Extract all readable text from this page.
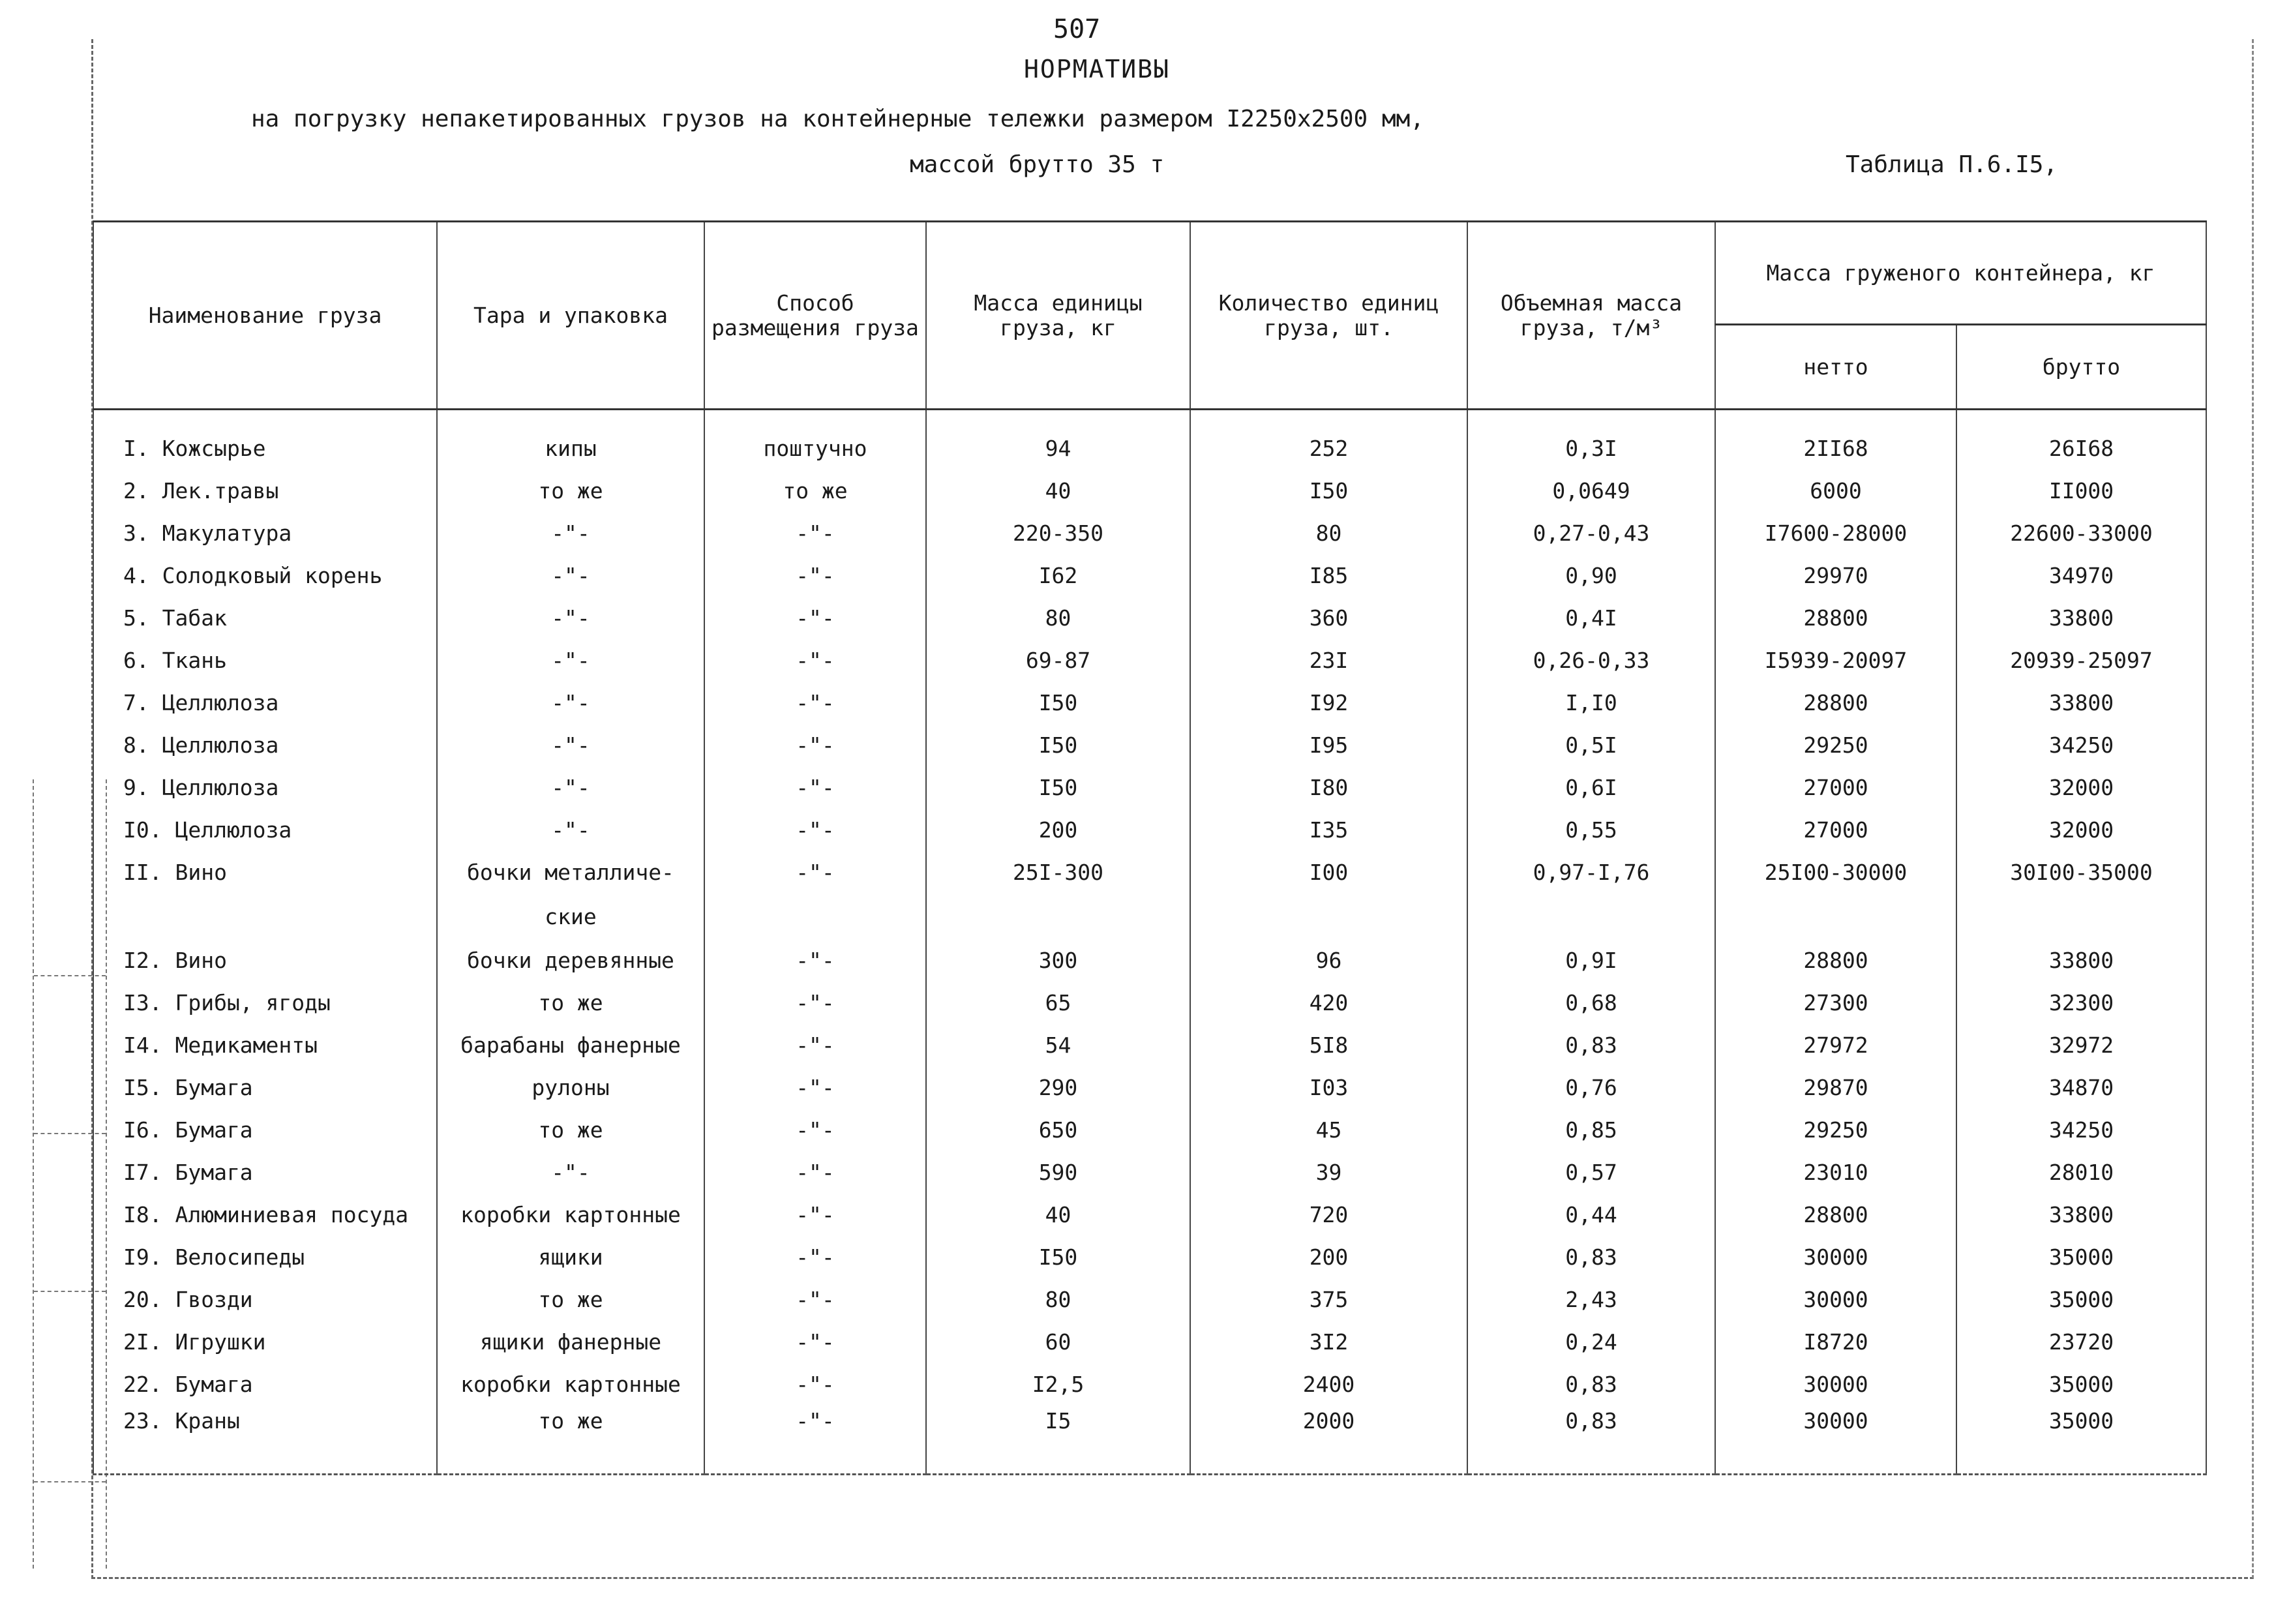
507
НОРМАТИВЫ
на погрузку непакетированных грузов на контейнерные тележки размером I2250х2500 мм,
массой брутто 35 т	Таблица П.6.I5,
Наименование груза	Тара и упаковка	Способ размещения груза	Масса единицы груза, кг	Количество единиц груза, шт.	Объемная масса груза, т/м³	Масса груженого контейнера, кг	
						нетто	брутто

I. Кожсырье	кипы	поштучно	94	252	0,3I	2II68	26I68
2. Лек.травы	то же	то же	40	I50	0,0649	6000	II000
3. Макулатура	-"-	-"-	220-350	80	0,27-0,43	I7600-28000	22600-33000
4. Солодковый корень	-"-	-"-	I62	I85	0,90	29970	34970
5. Табак	-"-	-"-	80	360	0,4I	28800	33800
6. Ткань	-"-	-"-	69-87	23I	0,26-0,33	I5939-20097	20939-25097
7. Целлюлоза	-"-	-"-	I50	I92	I,I0	28800	33800
8. Целлюлоза	-"-	-"-	I50	I95	0,5I	29250	34250
9. Целлюлоза	-"-	-"-	I50	I80	0,6I	27000	32000
I0. Целлюлоза	-"-	-"-	200	I35	0,55	27000	32000
II. Вино	бочки металличе-	-"-	25I-300	I00	0,97-I,76	25I00-30000	30I00-35000
	ские						
I2. Вино	бочки деревянные	-"-	300	96	0,9I	28800	33800
I3. Грибы, ягоды	то же	-"-	65	420	0,68	27300	32300
I4. Медикаменты	барабаны фанерные	-"-	54	5I8	0,83	27972	32972
I5. Бумага	рулоны	-"-	290	I03	0,76	29870	34870
I6. Бумага	то же	-"-	650	45	0,85	29250	34250
I7. Бумага	-"-	-"-	590	39	0,57	23010	28010
I8. Алюминиевая посуда	коробки картонные	-"-	40	720	0,44	28800	33800
I9. Велосипеды	ящики	-"-	I50	200	0,83	30000	35000
20. Гвозди	то же	-"-	80	375	2,43	30000	35000
2I. Игрушки	ящики фанерные	-"-	60	3I2	0,24	I8720	23720
22. Бумага	коробки картонные	-"-	I2,5	2400	0,83	30000	35000
23. Краны	то же	-"-	I5	2000	0,83	30000	35000
